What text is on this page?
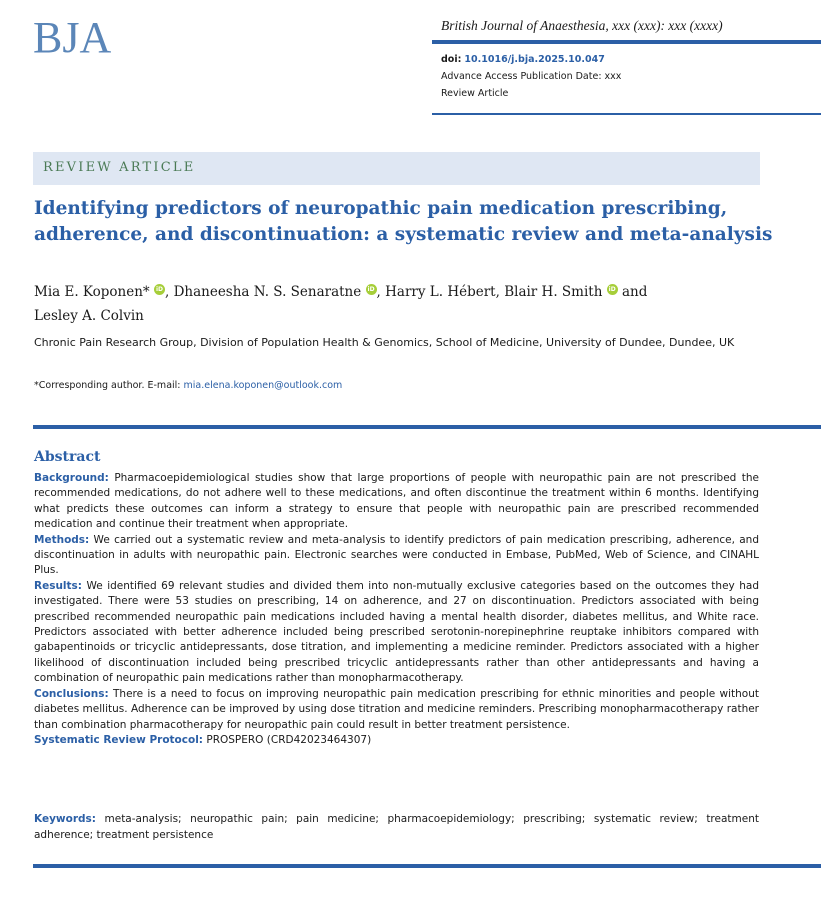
BJA	British Journal of Anaesthesia, xxx (xxx): xxx (xxxx)
doi: 10.1016/j.bja.2025.10.047
Advance Access Publication Date: xxx
Review Article
REVIEW ARTICLE
Identifying predictors of neuropathic pain medication prescribing, adherence, and discontinuation: a systematic review and meta-analysis
Mia E. Koponen* iD , Dhaneesha N. S. Senaratne iD , Harry L. Hébert, Blair H. Smith iD and
Lesley A. Colvin
Chronic Pain Research Group, Division of Population Health & Genomics, School of Medicine, University of Dundee, Dundee, UK
*Corresponding author. E-mail: mia.elena.koponen@outlook.com
Abstract

Background: Pharmacoepidemiological studies show that large proportions of people with neuropathic pain are not prescribed the recommended medications, do not adhere well to these medications, and often discontinue the treatment within 6 months. Identifying what predicts these outcomes can inform a strategy to ensure that people with neuropathic pain are prescribed recommended medication and continue their treatment when appropriate.

Methods: We carried out a systematic review and meta-analysis to identify predictors of pain medication prescribing, adherence, and discontinuation in adults with neuropathic pain. Electronic searches were conducted in Embase, PubMed, Web of Science, and CINAHL Plus.

Results: We identified 69 relevant studies and divided them into non-mutually exclusive categories based on the outcomes they had investigated. There were 53 studies on prescribing, 14 on adherence, and 27 on discontinuation. Predictors associated with being prescribed recommended neuropathic pain medications included having a mental health disorder, diabetes mellitus, and White race. Predictors associated with better adherence included being prescribed serotonin-norepinephrine reuptake inhibitors compared with gabapentinoids or tricyclic antidepressants, dose titration, and implementing a medicine reminder. Predictors associated with a higher likelihood of discontinuation included being prescribed tricyclic antidepressants rather than other antidepressants and having a combination of neuropathic pain medications rather than monopharmacotherapy.

Conclusions: There is a need to focus on improving neuropathic pain medication prescribing for ethnic minorities and people without diabetes mellitus. Adherence can be improved by using dose titration and medicine reminders. Prescribing monopharmacotherapy rather than combination pharmacotherapy for neuropathic pain could result in better treatment persistence.

Systematic Review Protocol: PROSPERO (CRD42023464307)

Keywords: meta-analysis; neuropathic pain; pain medicine; pharmacoepidemiology; prescribing; systematic review; treatment adherence; treatment persistence
